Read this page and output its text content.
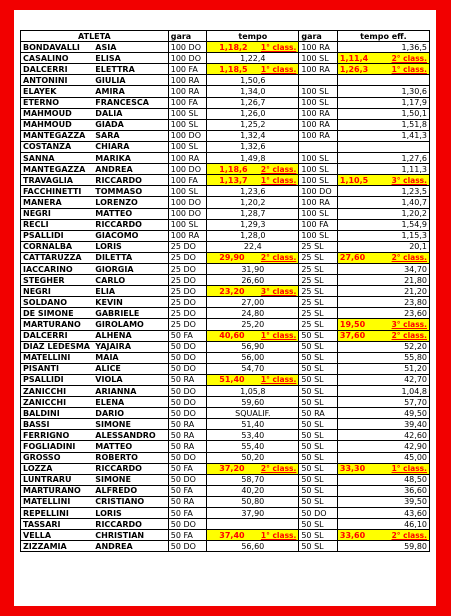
ATLETA		gara	tempo	gara	tempo eff.
BONDAVALLI	ASIA	100 DO	1,18,2 1° class.	100 RA	1,36,5
CASALINO	ELISA	100 DO	1,22,4	100 SL	1,11,4 2° class.

DALCERRI	ELETTRA	100 FA	1,18,5 1° class.	100 RA	1,26,3 1° class.

ANTONINI	GIULIA	100 RA	1,50,6		
ELAYEK	AMIRA	100 RA	1,34,0	100 SL	1,30,6
ETERNO	FRANCESCA	100 FA	1,26,7	100 SL	1,17,9
MAHMOUD	DALIA	100 SL	1,26,0	100 RA	1,50,1
MAHMOUD	GIADA	100 SL	1,25,2	100 RA	1,51,8
MANTEGAZZA	SARA	100 DO	1,32,4	100 RA	1,41,3
COSTANZA	CHIARA	100 SL	1,32,6		
SANNA	MARIKA	100 RA	1,49,8	100 SL	1,27,6
MANTEGAZZA	ANDREA	100 DO	1,18,6 2° class.	100 SL	1,11,3
TRAVAGLIA	RICCARDO	100 FA	1,13,7 1° class.	100 SL	1,10,5 3° class.

FACCHINETTI	TOMMASO	100 SL	1,23,6	100 DO	1,23,5
MANERA	LORENZO	100 DO	1,20,2	100 RA	1,40,7
NEGRI	MATTEO	100 DO	1,28,7	100 SL	1,20,2
RECLI	RICCARDO	100 SL	1,29,3	100 FA	1,54,9
PSALLIDI	GIACOMO	100 RA	1,28,0	100 SL	1,15,3
CORNALBA	LORIS	25 DO	22,4	25 SL	20,1
CATTARUZZA	DILETTA	25 DO	29,90 2° class.	25 SL	27,60 2° class.

IACCARINO	GIORGIA	25 DO	31,90	25 SL	34,70
STEGHER	CARLO	25 DO	26,60	25 SL	21,80
NEGRI	ELIA	25 DO	23,20 3° class.	25 SL	21,20
SOLDANO	KEVIN	25 DO	27,00	25 SL	23,80
DE SIMONE	GABRIELE	25 DO	24,80	25 SL	23,60
MARTURANO	GIROLAMO	25 DO	25,20	25 SL	19,50 3° class.

DALCERRI	ALHENA	50 FA	40,60 1° class.	50 SL	37,60 2° class.

DIAZ LEDESMA	YAJAIRA	50 DO	56,90	50 SL	52,20
MATELLINI	MAIA	50 DO	56,00	50 SL	55,80
PISANTI	ALICE	50 DO	54,70	50 SL	51,20
PSALLIDI	VIOLA	50 RA	51,40 1° class.	50 SL	42,70
ZANICCHI	ARIANNA	50 DO	1,05,8	50 SL	1,04,8
ZANICCHI	ELENA	50 DO	59,60	50 SL	57,70
BALDINI	DARIO	50 DO	SQUALIF.	50 RA	49,50
BASSI	SIMONE	50 RA	51,40	50 SL	39,40
FERRIGNO	ALESSANDRO	50 RA	53,40	50 SL	42,60
FOGLIADINI	MATTEO	50 RA	55,40	50 SL	42,90
GROSSO	ROBERTO	50 DO	50,20	50 SL	45,00
LOZZA	RICCARDO	50 FA	37,20 2° class.	50 SL	33,30 1° class.

LUNTRARU	SIMONE	50 DO	58,70	50 SL	48,50
MARTURANO	ALFREDO	50 FA	40,20	50 SL	36,60
MATELLINI	CRISTIANO	50 RA	50,80	50 SL	39,50
REPELLINI	LORIS	50 FA	37,90	50 DO	43,60
TASSARI	RICCARDO	50 DO		50 SL	46,10
VELLA	CHRISTIAN	50 FA	37,40 1° class.	50 SL	33,60 2° class.

ZIZZAMIA	ANDREA	50 DO	56,60	50 SL	59,80
